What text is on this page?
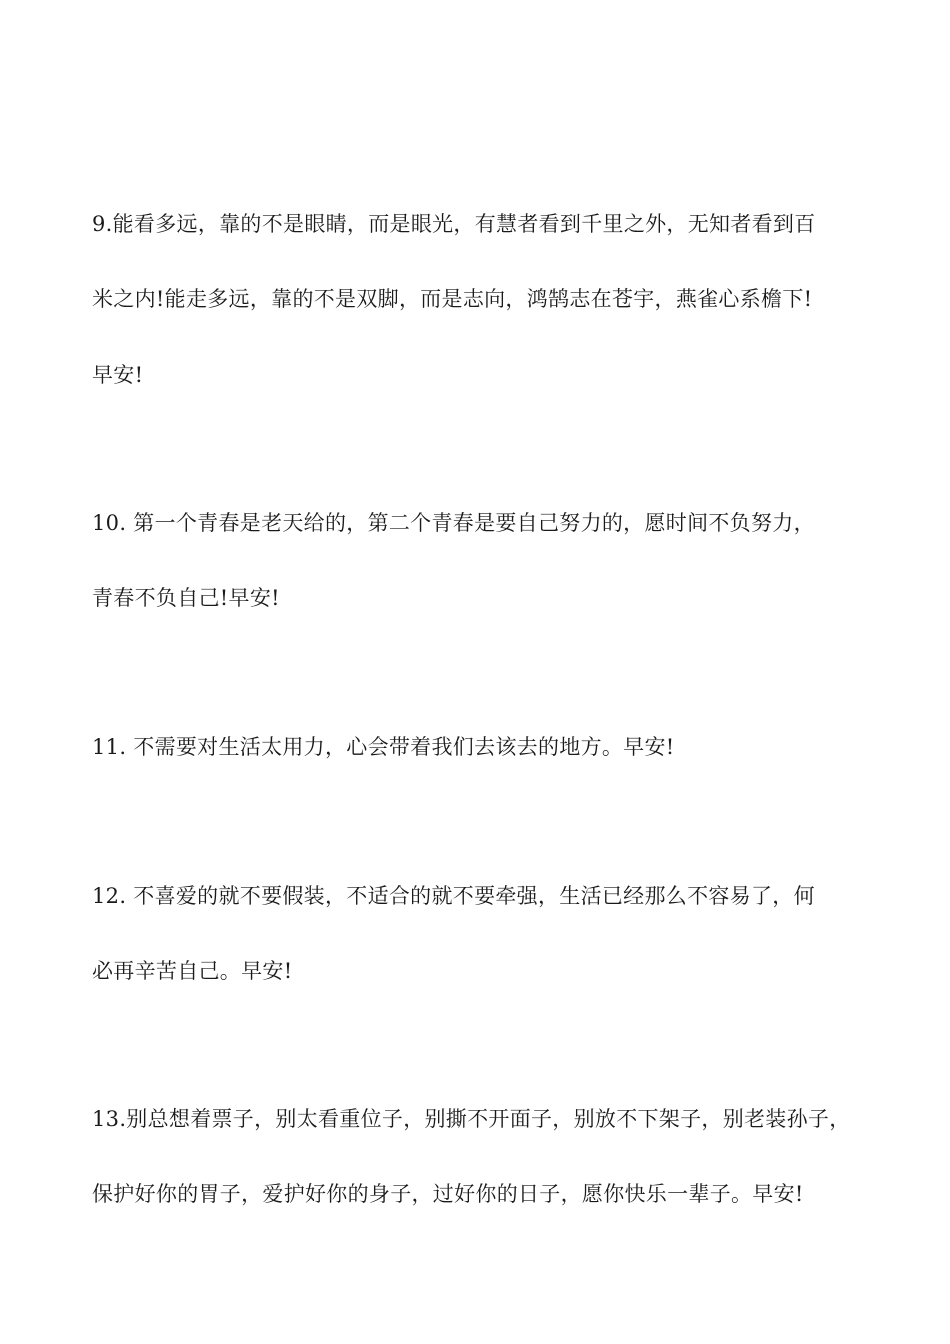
9.能看多远，靠的不是眼睛，而是眼光，有慧者看到千里之外，无知者看到百
米之内!能走多远，靠的不是双脚，而是志向，鸿鹄志在苍宇，燕雀心系檐下!
早安!
10. 第一个青春是老天给的，第二个青春是要自己努力的，愿时间不负努力，
青春不负自己!早安!
11. 不需要对生活太用力，心会带着我们去该去的地方。早安!
12. 不喜爱的就不要假装，不适合的就不要牵强，生活已经那么不容易了，何
必再辛苦自己。早安!
13.别总想着票子，别太看重位子，别撕不开面子，别放不下架子，别老装孙子，
保护好你的胃子，爱护好你的身子，过好你的日子，愿你快乐一辈子。早安!
